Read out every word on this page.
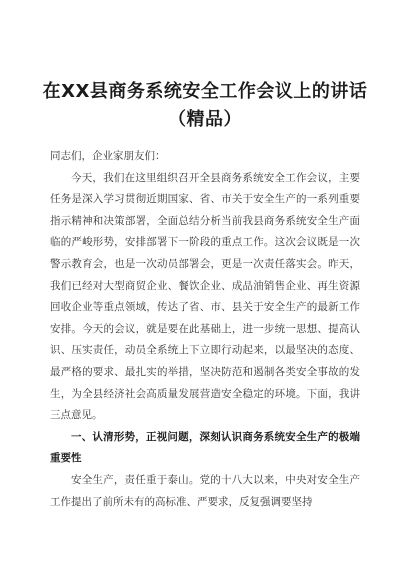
在XX县商务系统安全工作会议上的讲话（精品）

同志们，企业家朋友们：

今天，我们在这里组织召开全县商务系统安全工作会议，主要任务是深入学习贯彻近期国家、省、市关于安全生产的一系列重要指示精神和决策部署，全面总结分析当前我县商务系统安全生产面临的严峻形势，安排部署下一阶段的重点工作。这次会议既是一次警示教育会，也是一次动员部署会，更是一次责任落实会。昨天，我们已经对大型商贸企业、餐饮企业、成品油销售企业、再生资源回收企业等重点领域，传达了省、市、县关于安全生产的最新工作安排。今天的会议，就是要在此基础上，进一步统一思想、提高认识、压实责任，动员全系统上下立即行动起来，以最坚决的态度、最严格的要求、最扎实的举措，坚决防范和遏制各类安全事故的发生，为全县经济社会高质量发展营造安全稳定的环境。下面，我讲三点意见。

一、认清形势，正视问题，深刻认识商务系统安全生产的极端重要性

安全生产，责任重于泰山。党的十八大以来，中央对安全生产工作提出了前所未有的高标准、严要求，反复强调要坚持
